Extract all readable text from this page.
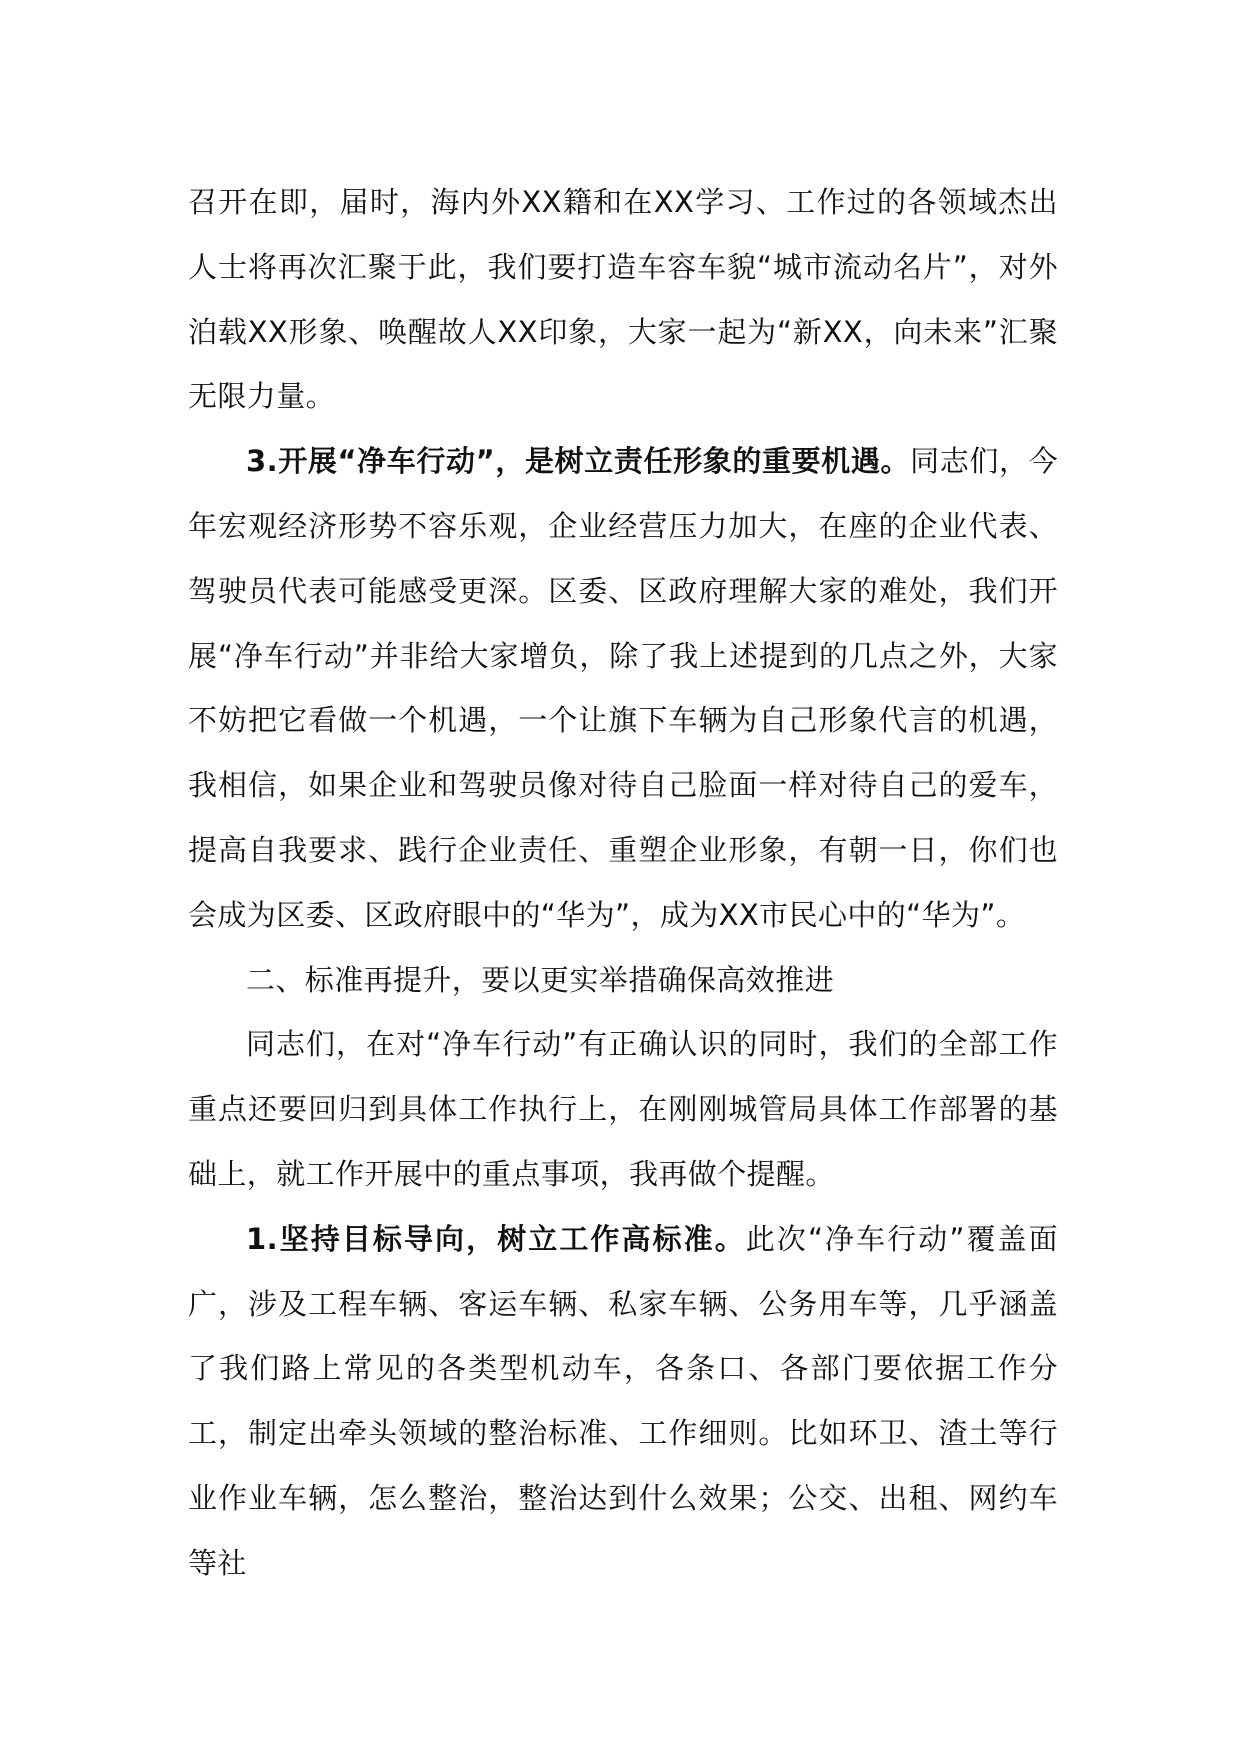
召开在即，届时，海内外XX籍和在XX学习、工作过的各领域杰出人士将再次汇聚于此，我们要打造车容车貌“城市流动名片”，对外泊载XX形象、唤醒故人XX印象，大家一起为“新XX，向未来”汇聚无限力量。

3.开展“净车行动”，是树立责任形象的重要机遇。同志们，今年宏观经济形势不容乐观，企业经营压力加大，在座的企业代表、驾驶员代表可能感受更深。区委、区政府理解大家的难处，我们开展“净车行动”并非给大家增负，除了我上述提到的几点之外，大家不妨把它看做一个机遇，一个让旗下车辆为自己形象代言的机遇，我相信，如果企业和驾驶员像对待自己脸面一样对待自己的爱车，提高自我要求、践行企业责任、重塑企业形象，有朝一日，你们也会成为区委、区政府眼中的“华为”，成为XX市民心中的“华为”。

二、标准再提升，要以更实举措确保高效推进

同志们，在对“净车行动”有正确认识的同时，我们的全部工作重点还要回归到具体工作执行上，在刚刚城管局具体工作部署的基础上，就工作开展中的重点事项，我再做个提醒。

1.坚持目标导向，树立工作高标准。此次“净车行动”覆盖面广，涉及工程车辆、客运车辆、私家车辆、公务用车等，几乎涵盖了我们路上常见的各类型机动车，各条口、各部门要依据工作分工，制定出牵头领域的整治标准、工作细则。比如环卫、渣土等行业作业车辆，怎么整治，整治达到什么效果；公交、出租、网约车等社
